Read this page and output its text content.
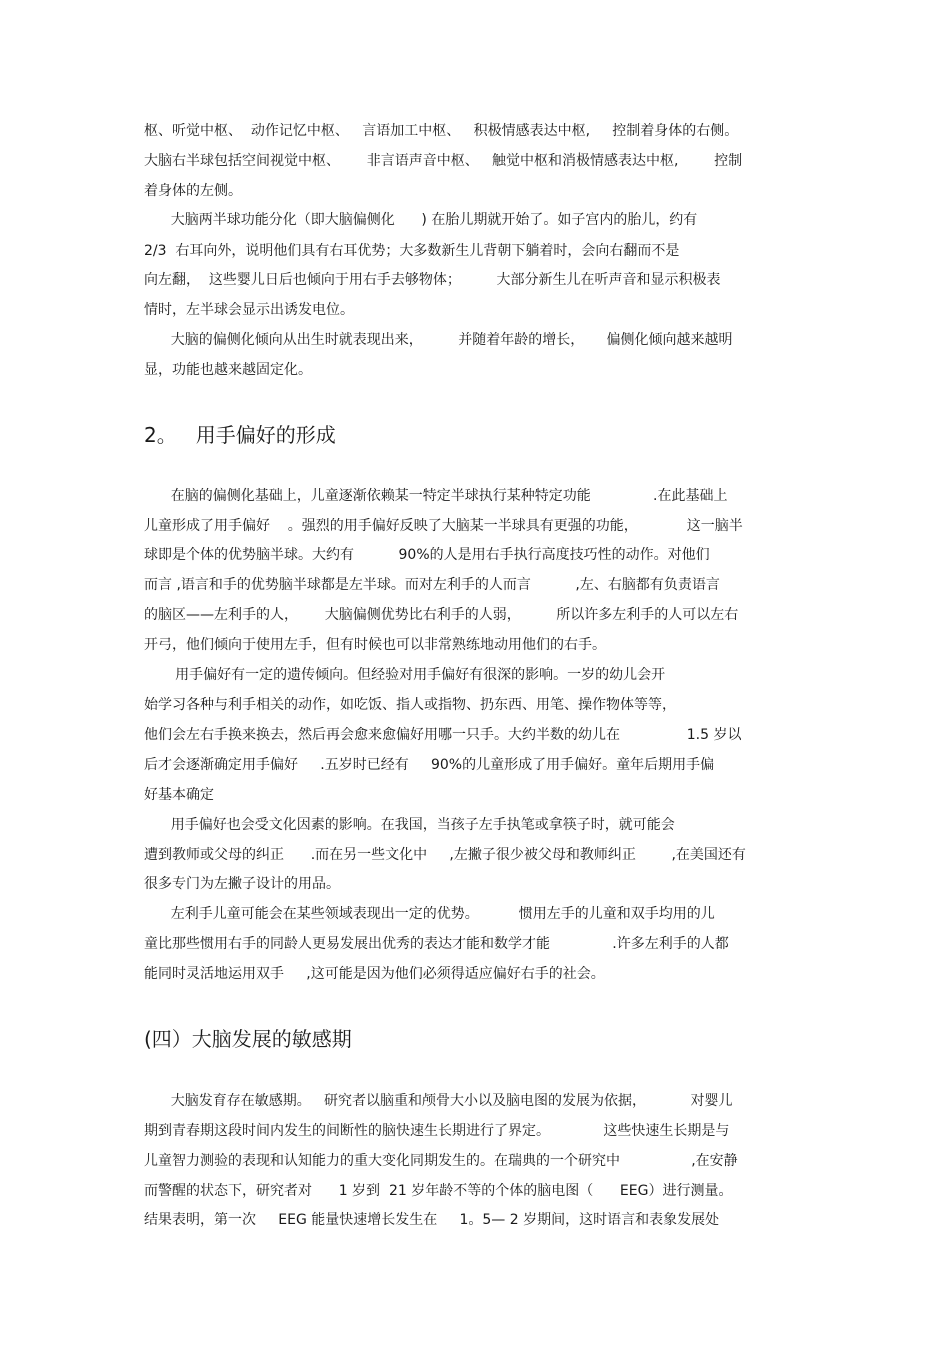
枢、听觉中枢、  动作记忆中枢、   言语加工中枢、   积极情感表达中枢,     控制着身体的右侧。
大脑右半球包括空间视觉中枢、      非言语声音中枢、   触觉中枢和消极情感表达中枢,        控制
着身体的左侧。
大脑两半球功能分化（即大脑偏侧化      ) 在胎儿期就开始了。如子宫内的胎儿，约有
2/3  右耳向外，说明他们具有右耳优势；大多数新生儿背朝下躺着时，会向右翻而不是
向左翻，  这些婴儿日后也倾向于用右手去够物体；        大部分新生儿在听声音和显示积极表
情时，左半球会显示出诱发电位。
大脑的偏侧化倾向从出生时就表现出来，        并随着年龄的增长，     偏侧化倾向越来越明
显，功能也越来越固定化。
2。   用手偏好的形成
在脑的偏侧化基础上，儿童逐渐依赖某一特定半球执行某种特定功能              .在此基础上
儿童形成了用手偏好    。强烈的用手偏好反映了大脑某一半球具有更强的功能，           这一脑半
球即是个体的优势脑半球。大约有          90%的人是用右手执行高度技巧性的动作。对他们
而言 ,语言和手的优势脑半球都是左半球。而对左利手的人而言          ,左、右脑都有负责语言
的脑区——左利手的人，      大脑偏侧优势比右利手的人弱，        所以许多左利手的人可以左右
开弓，他们倾向于使用左手，但有时候也可以非常熟练地动用他们的右手。
用手偏好有一定的遗传倾向。但经验对用手偏好有很深的影响。一岁的幼儿会开
始学习各种与利手相关的动作，如吃饭、指人或指物、扔东西、用笔、操作物体等等，
他们会左右手换来换去，然后再会愈来愈偏好用哪一只手。大约半数的幼儿在               1.5 岁以
后才会逐渐确定用手偏好     .五岁时已经有     90%的儿童形成了用手偏好。童年后期用手偏
好基本确定
用手偏好也会受文化因素的影响。在我国，当孩子左手执笔或拿筷子时，就可能会
遭到教师或父母的纠正      .而在另一些文化中     ,左撇子很少被父母和教师纠正        ,在美国还有
很多专门为左撇子设计的用品。
左利手儿童可能会在某些领域表现出一定的优势。         惯用左手的儿童和双手均用的儿
童比那些惯用右手的同龄人更易发展出优秀的表达才能和数学才能              .许多左利手的人都
能同时灵活地运用双手     ,这可能是因为他们必须得适应偏好右手的社会。
(四）大脑发展的敏感期
大脑发育存在敏感期。   研究者以脑重和颅骨大小以及脑电图的发展为依据，          对婴儿
期到青春期这段时间内发生的间断性的脑快速生长期进行了界定。            这些快速生长期是与
儿童智力测验的表现和认知能力的重大变化同期发生的。在瑞典的一个研究中                ,在安静
而警醒的状态下，研究者对      1 岁到  21 岁年龄不等的个体的脑电图（      EEG）进行测量。
结果表明，第一次     EEG 能量快速增长发生在     1。5— 2 岁期间，这时语言和表象发展处
